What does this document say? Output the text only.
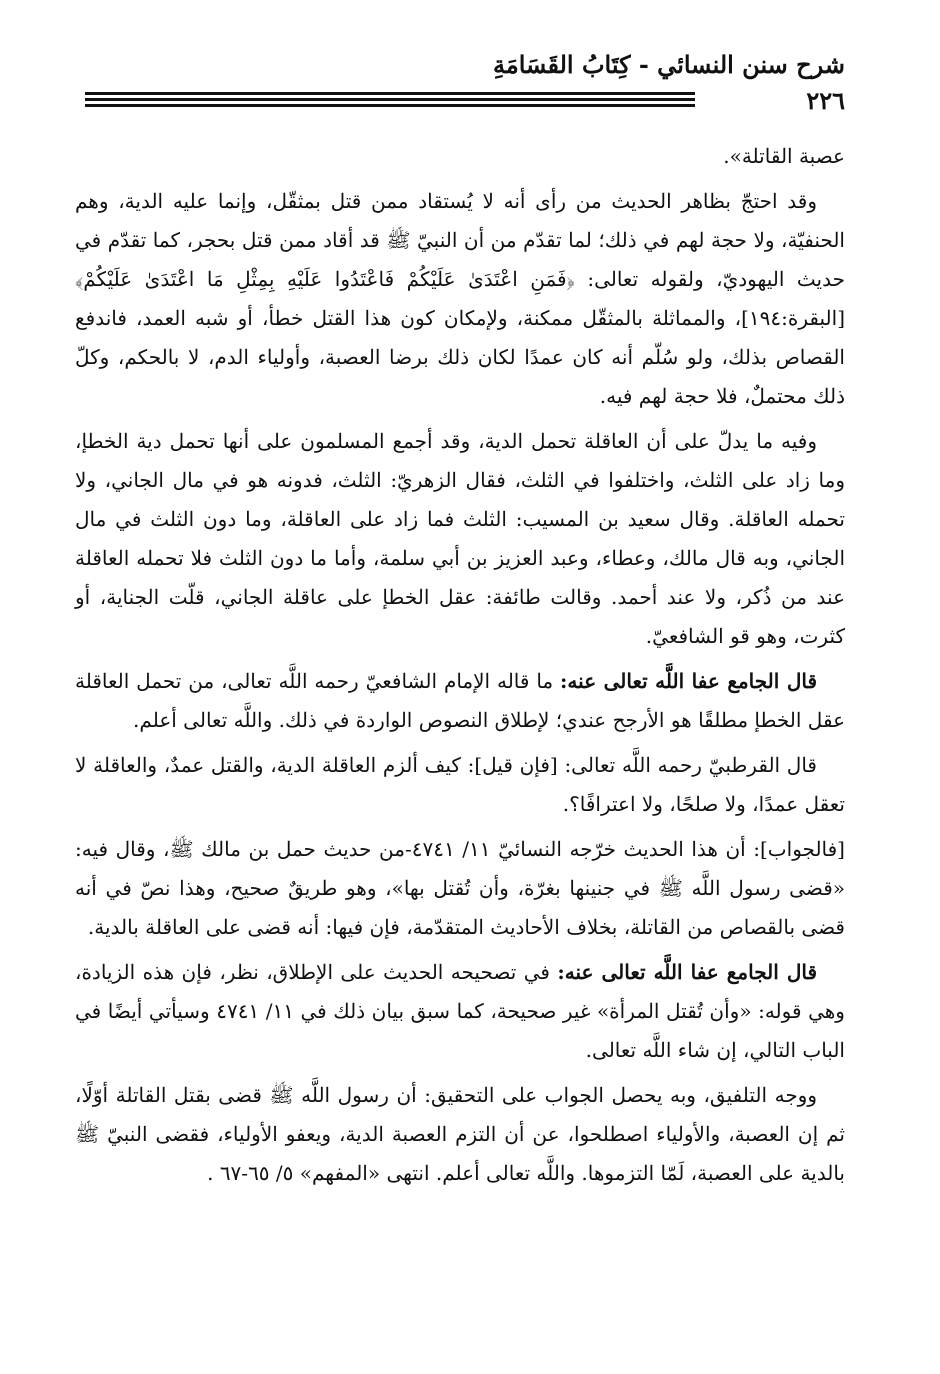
شرح سنن النسائي - كِتَابُ القَسَامَةِ
٢٢٦

عصبة القاتلة».

وقد احتجّ بظاهر الحديث من رأى أنه لا يُستقاد ممن قتل بمثقّل، وإنما عليه الدية، وهم الحنفيّة، ولا حجة لهم في ذلك؛ لما تقدّم من أن النبيّ ﷺ قد أقاد ممن قتل بحجر، كما تقدّم في حديث اليهوديّ، ولقوله تعالى: ﴿فَمَنِ اعْتَدَىٰ عَلَيْكُمْ فَاعْتَدُوا عَلَيْهِ بِمِثْلِ مَا اعْتَدَىٰ عَلَيْكُمْ﴾ [البقرة:١٩٤]، والمماثلة بالمثقّل ممكنة، ولإمكان كون هذا القتل خطأ، أو شبه العمد، فاندفع القصاص بذلك، ولو سُلّم أنه كان عمدًا لكان ذلك برضا العصبة، وأولياء الدم، لا بالحكم، وكلّ ذلك محتملٌ، فلا حجة لهم فيه.

وفيه ما يدلّ على أن العاقلة تحمل الدية، وقد أجمع المسلمون على أنها تحمل دية الخطإ، وما زاد على الثلث، واختلفوا في الثلث، فقال الزهريّ: الثلث، فدونه هو في مال الجاني، ولا تحمله العاقلة. وقال سعيد بن المسيب: الثلث فما زاد على العاقلة، وما دون الثلث في مال الجاني، وبه قال مالك، وعطاء، وعبد العزيز بن أبي سلمة، وأما ما دون الثلث فلا تحمله العاقلة عند من ذُكر، ولا عند أحمد. وقالت طائفة: عقل الخطإ على عاقلة الجاني، قلّت الجناية، أو كثرت، وهو قو الشافعيّ.

قال الجامع عفا اللَّه تعالى عنه: ما قاله الإمام الشافعيّ رحمه اللَّه تعالى، من تحمل العاقلة عقل الخطإ مطلقًا هو الأرجح عندي؛ لإطلاق النصوص الواردة في ذلك. واللَّه تعالى أعلم.

قال القرطبيّ رحمه اللَّه تعالى: [فإن قيل]: كيف ألزم العاقلة الدية، والقتل عمدٌ، والعاقلة لا تعقل عمدًا، ولا صلحًا، ولا اعترافًا؟.

[فالجواب]: أن هذا الحديث خرّجه النسائيّ ١١/ ٤٧٤١-من حديث حمل بن مالك ﷺ، وقال فيه: «قضى رسول اللَّه ﷺ في جنينها بغرّة، وأن تُقتل بها»، وهو طريقٌ صحيح، وهذا نصّ في أنه قضى بالقصاص من القاتلة، بخلاف الأحاديث المتقدّمة، فإن فيها: أنه قضى على العاقلة بالدية.

قال الجامع عفا اللَّه تعالى عنه: في تصحيحه الحديث على الإطلاق، نظر، فإن هذه الزيادة، وهي قوله: «وأن تُقتل المرأة» غير صحيحة، كما سبق بيان ذلك في ١١/ ٤٧٤١ وسيأتي أيضًا في الباب التالي، إن شاء اللَّه تعالى.

ووجه التلفيق، وبه يحصل الجواب على التحقيق: أن رسول اللَّه ﷺ قضى بقتل القاتلة أوّلًا، ثم إن العصبة، والأولياء اصطلحوا، عن أن التزم العصبة الدية، ويعفو الأولياء، فقضى النبيّ ﷺ بالدية على العصبة، لَمّا التزموها. واللَّه تعالى أعلم. انتهى «المفهم» ٥/ ٦٥-٦٧ .
